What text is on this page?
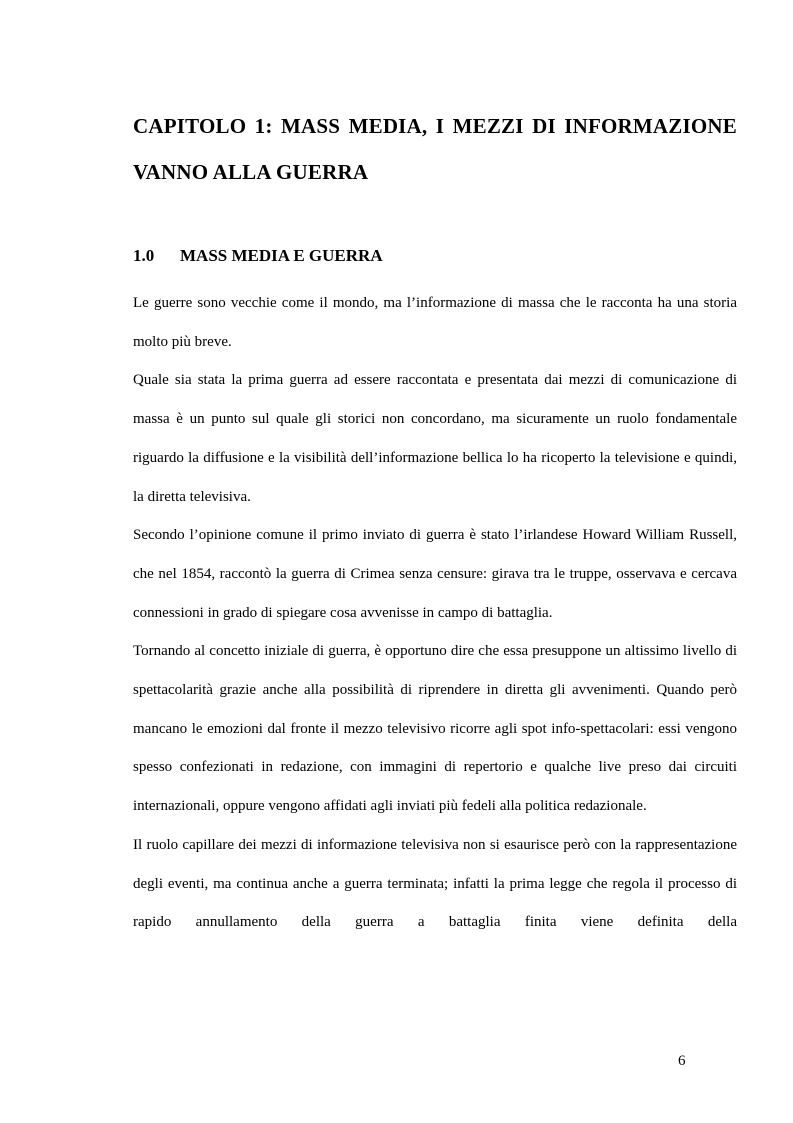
CAPITOLO 1: MASS MEDIA, I MEZZI DI INFORMAZIONE
VANNO ALLA GUERRA
1.0 MASS MEDIA E GUERRA

Le guerre sono vecchie come il mondo, ma l’informazione di massa che le racconta ha una storia molto più breve.

Quale sia stata la prima guerra ad essere raccontata e presentata dai mezzi di comunicazione di massa è un punto sul quale gli storici non concordano, ma sicuramente un ruolo fondamentale riguardo la diffusione e la visibilità dell’informazione bellica lo ha ricoperto la televisione e quindi, la diretta televisiva.

Secondo l’opinione comune il primo inviato di guerra è stato l’irlandese Howard William Russell, che nel 1854, raccontò la guerra di Crimea senza censure: girava tra le truppe, osservava e cercava connessioni in grado di spiegare cosa avvenisse in campo di battaglia.

Tornando al concetto iniziale di guerra, è opportuno dire che essa presuppone un altissimo livello di spettacolarità grazie anche alla possibilità di riprendere in diretta gli avvenimenti. Quando però mancano le emozioni dal fronte il mezzo televisivo ricorre agli spot info-spettacolari: essi vengono spesso confezionati in redazione, con immagini di repertorio e qualche live preso dai circuiti internazionali, oppure vengono affidati agli inviati più fedeli alla politica redazionale.

Il ruolo capillare dei mezzi di informazione televisiva non si esaurisce però con la rappresentazione degli eventi, ma continua anche a guerra terminata; infatti la prima legge che regola il processo di rapido annullamento della guerra a battaglia finita viene definita della

6
